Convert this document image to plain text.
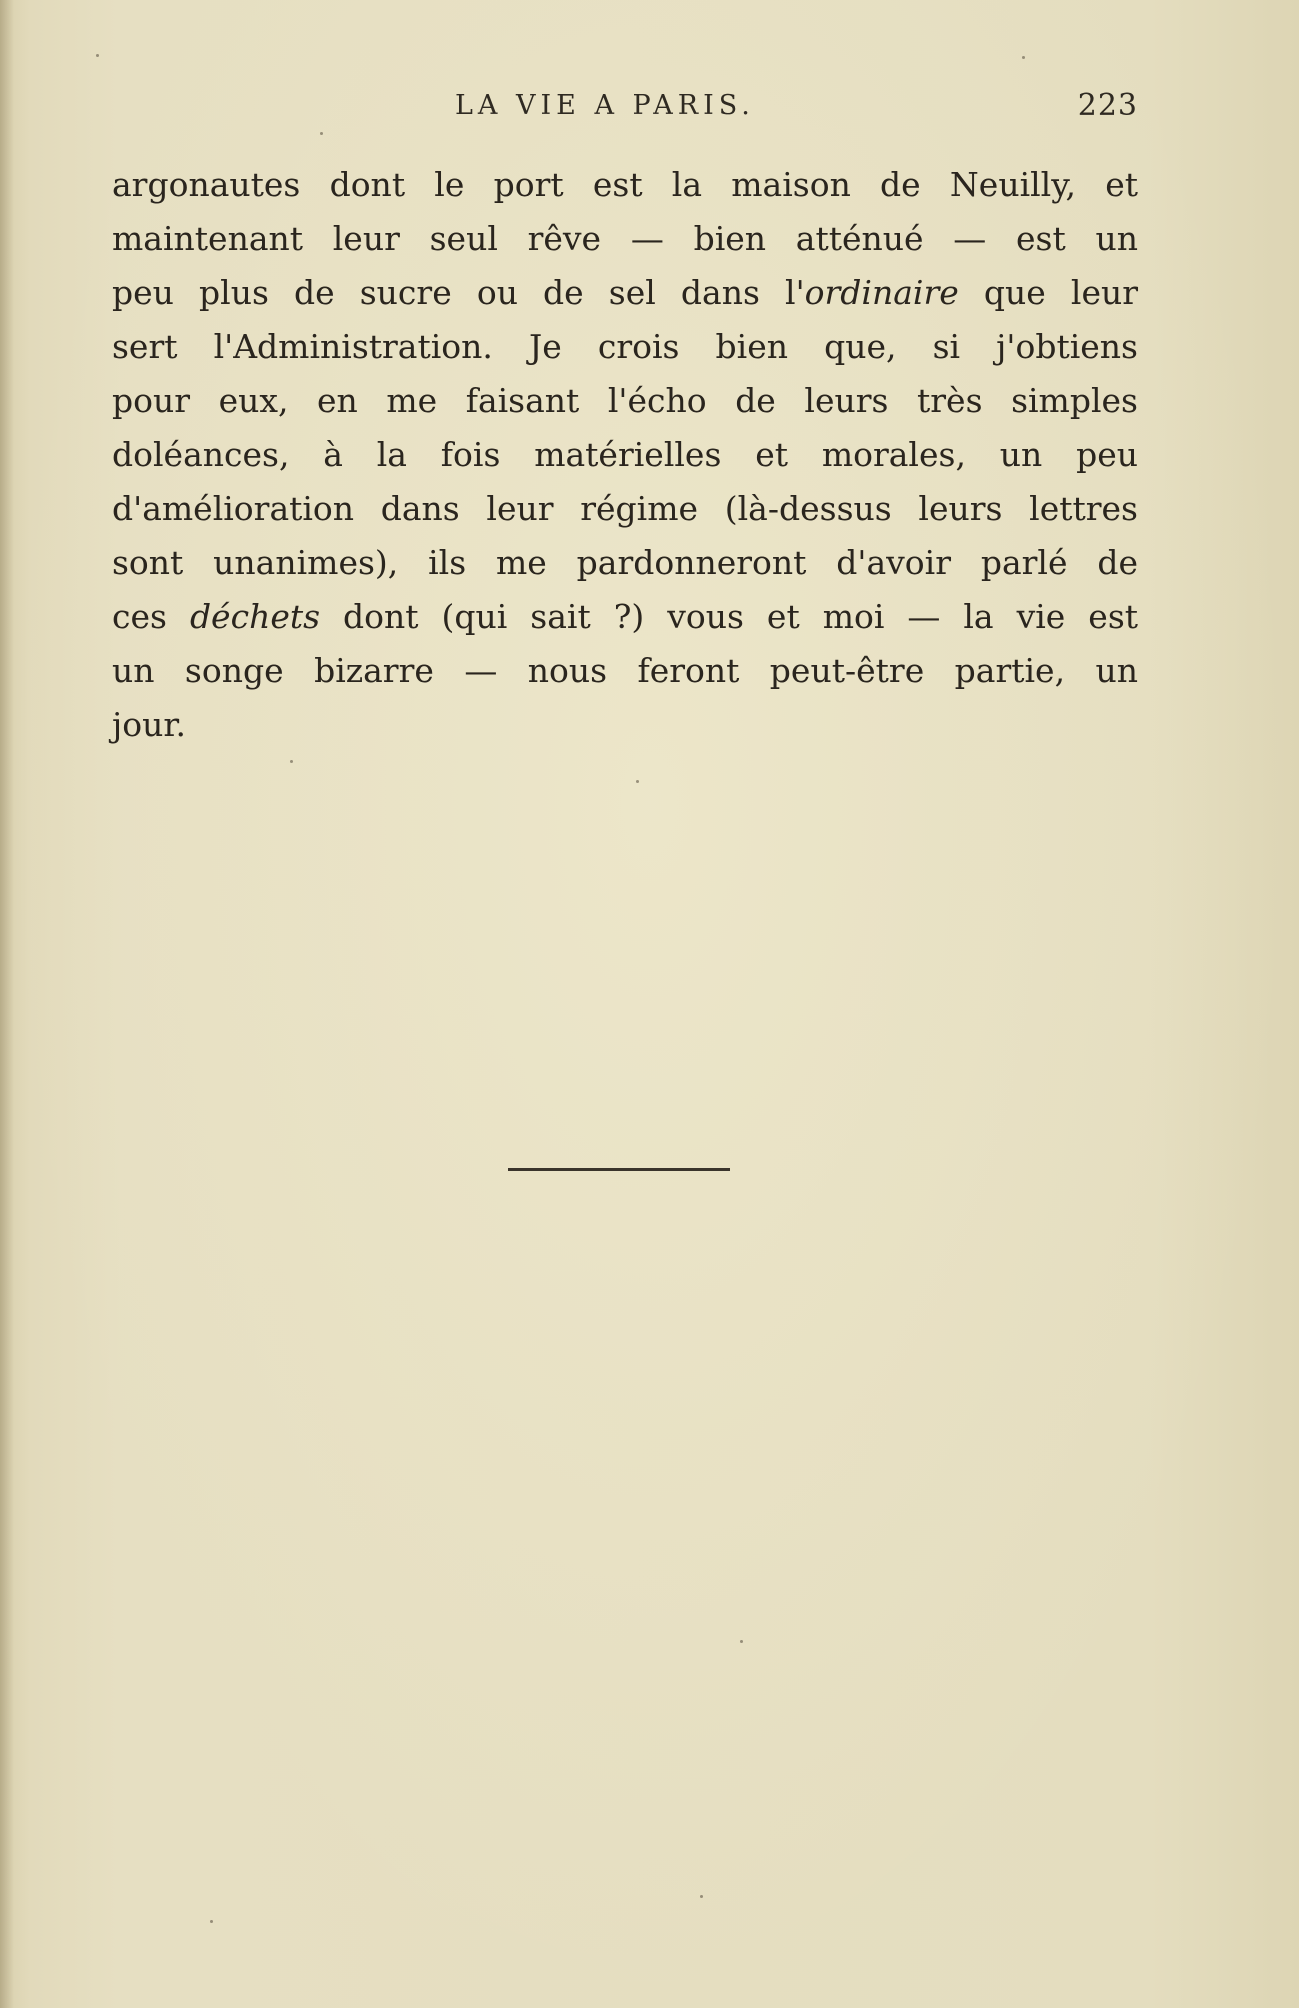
LA VIE A PARIS.	223
argonautes dont le port est la maison de Neuilly, et
maintenant leur seul rêve — bien atténué — est un
peu plus de sucre ou de sel dans l'ordinaire que leur
sert l'Administration. Je crois bien que, si j'obtiens
pour eux, en me faisant l'écho de leurs très simples
doléances, à la fois matérielles et morales, un peu
d'amélioration dans leur régime (là-dessus leurs lettres
sont unanimes), ils me pardonneront d'avoir parlé de
ces déchets dont (qui sait ?) vous et moi — la vie est
un songe bizarre — nous feront peut-être partie, un
jour.
